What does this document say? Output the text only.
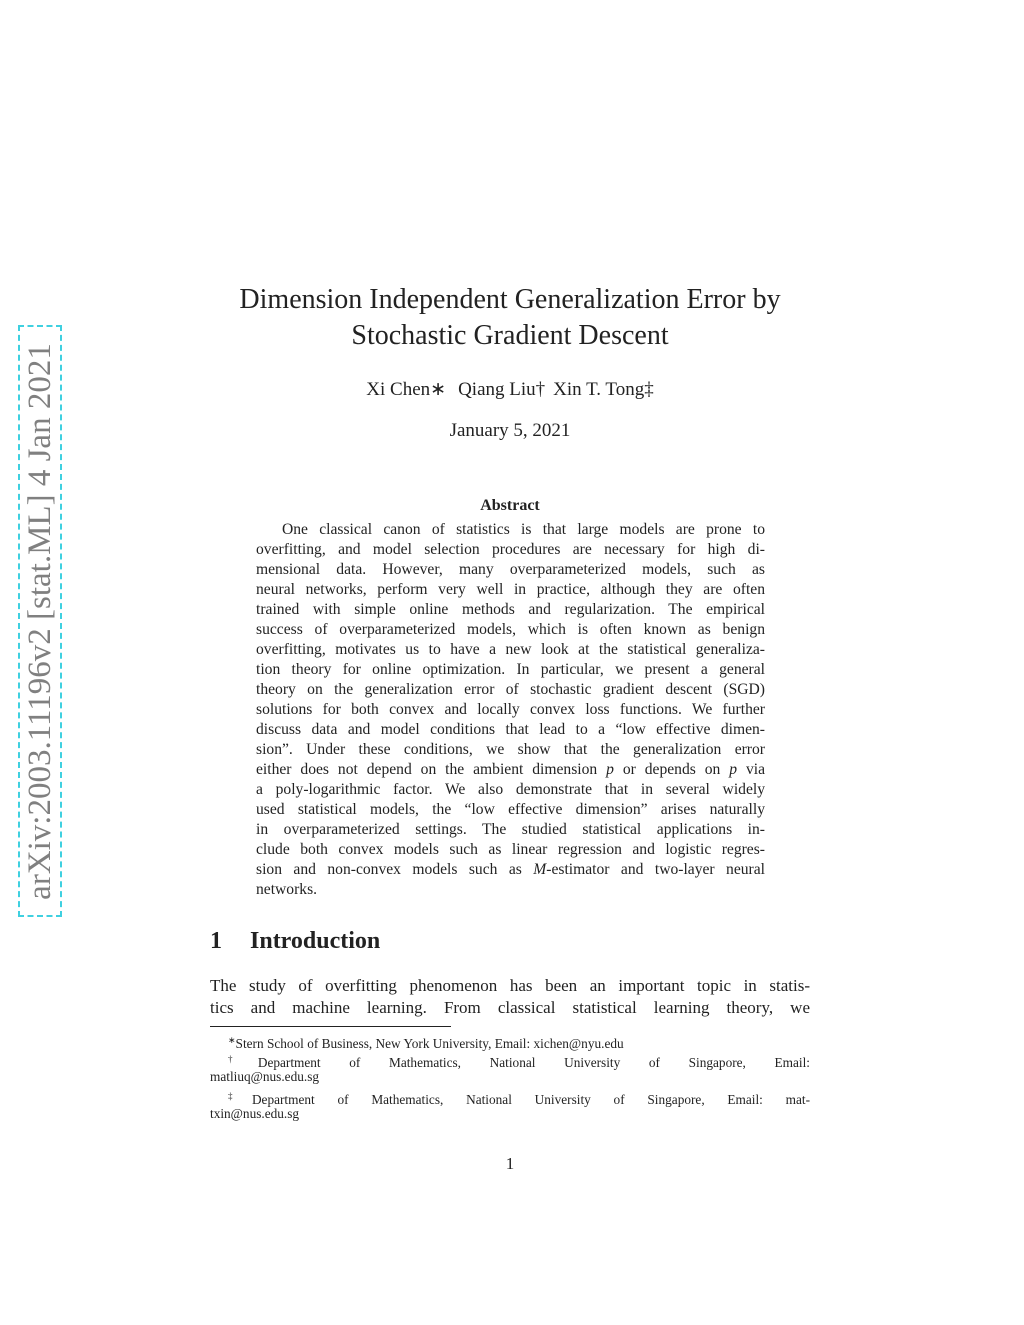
arXiv:2003.11196v2 [stat.ML] 4 Jan 2021
Dimension Independent Generalization Error by
Stochastic Gradient Descent
Xi Chen∗ Qiang Liu† Xin T. Tong‡
January 5, 2021
Abstract
One classical canon of statistics is that large models are prone to
overfitting, and model selection procedures are necessary for high di-
mensional data. However, many overparameterized models, such as
neural networks, perform very well in practice, although they are often
trained with simple online methods and regularization. The empirical
success of overparameterized models, which is often known as benign
overfitting, motivates us to have a new look at the statistical generaliza-
tion theory for online optimization. In particular, we present a general
theory on the generalization error of stochastic gradient descent (SGD)
solutions for both convex and locally convex loss functions. We further
discuss data and model conditions that lead to a “low effective dimen-
sion”. Under these conditions, we show that the generalization error
either does not depend on the ambient dimension p or depends on p via
a poly-logarithmic factor. We also demonstrate that in several widely
used statistical models, the “low effective dimension” arises naturally
in overparameterized settings. The studied statistical applications in-
clude both convex models such as linear regression and logistic regres-
sion and non-convex models such as M-estimator and two-layer neural
networks.
1 Introduction
The study of overfitting phenomenon has been an important topic in statis-
tics and machine learning. From classical statistical learning theory, we
∗Stern School of Business, New York University, Email: xichen@nyu.edu
†Department of Mathematics, National University of Singapore, Email:
matliuq@nus.edu.sg
‡Department of Mathematics, National University of Singapore, Email: mat-
txin@nus.edu.sg
1
